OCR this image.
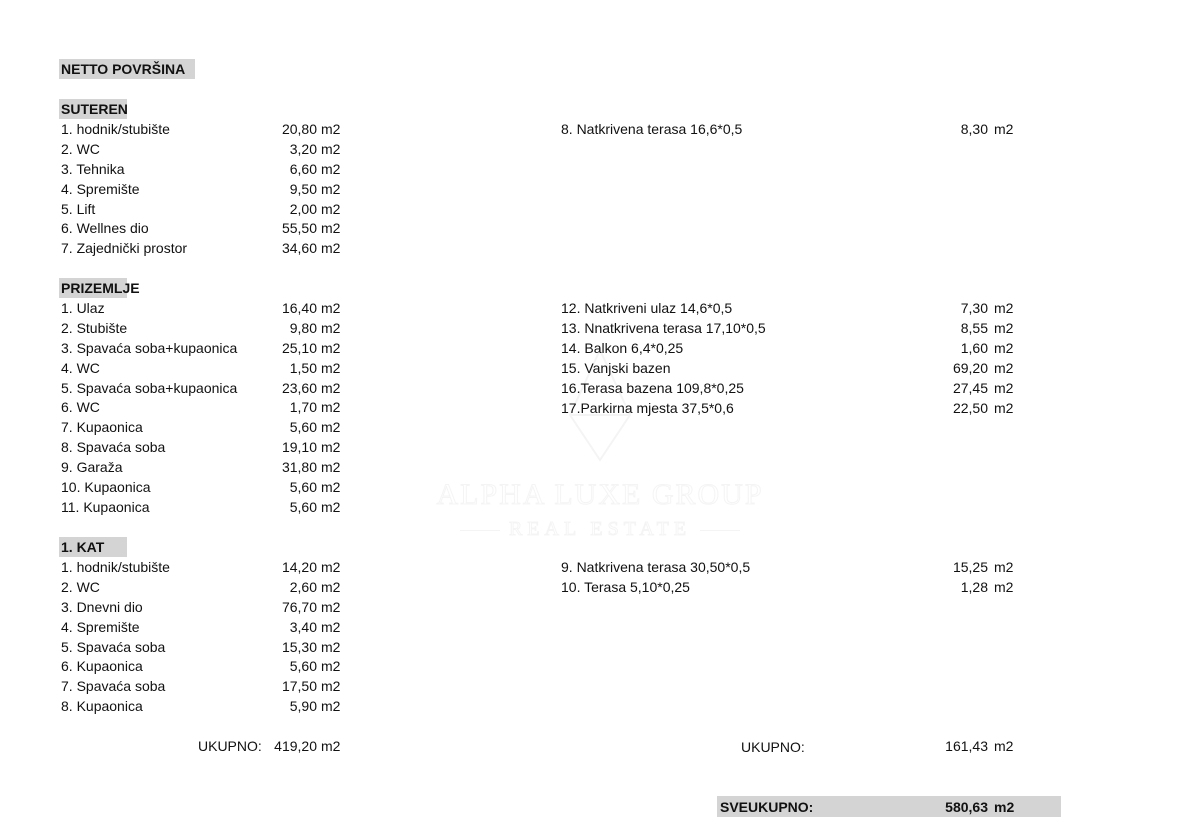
ALPHA LUXE GROUP
REAL ESTATE
NETTO POVRŠINA
SUTEREN
1. hodnik/stubište	20,80 m2
2. WC	3,20 m2
3. Tehnika	6,60 m2
4. Spremište	9,50 m2
5. Lift	2,00 m2
6. Wellnes dio	55,50 m2
7. Zajednički prostor	34,60 m2
8. Natkrivena terasa 16,6*0,5	8,30 m2
PRIZEMLJE
1. Ulaz	16,40 m2
2. Stubište	9,80 m2
3. Spavaća soba+kupaonica	25,10 m2
4. WC	1,50 m2
5. Spavaća soba+kupaonica	23,60 m2
6. WC	1,70 m2
7. Kupaonica	5,60 m2
8. Spavaća soba	19,10 m2
9. Garaža	31,80 m2
10. Kupaonica	5,60 m2
11. Kupaonica	5,60 m2
12. Natkriveni ulaz 14,6*0,5	7,30 m2
13. Nnatkrivena terasa 17,10*0,5	8,55 m2
14. Balkon 6,4*0,25	1,60 m2
15. Vanjski bazen	69,20 m2
16.Terasa bazena 109,8*0,25	27,45 m2
17.Parkirna mjesta 37,5*0,6	22,50 m2
1. KAT
1. hodnik/stubište	14,20 m2
2. WC	2,60 m2
3. Dnevni dio	76,70 m2
4. Spremište	3,40 m2
5. Spavaća soba	15,30 m2
6. Kupaonica	5,60 m2
7. Spavaća soba	17,50 m2
8. Kupaonica	5,90 m2
9. Natkrivena terasa 30,50*0,5	15,25 m2
10. Terasa 5,10*0,25	1,28 m2
UKUPNO: 419,20 m2	UKUPNO:	161,43 m2
SVEUKUPNO:	580,63 m2
